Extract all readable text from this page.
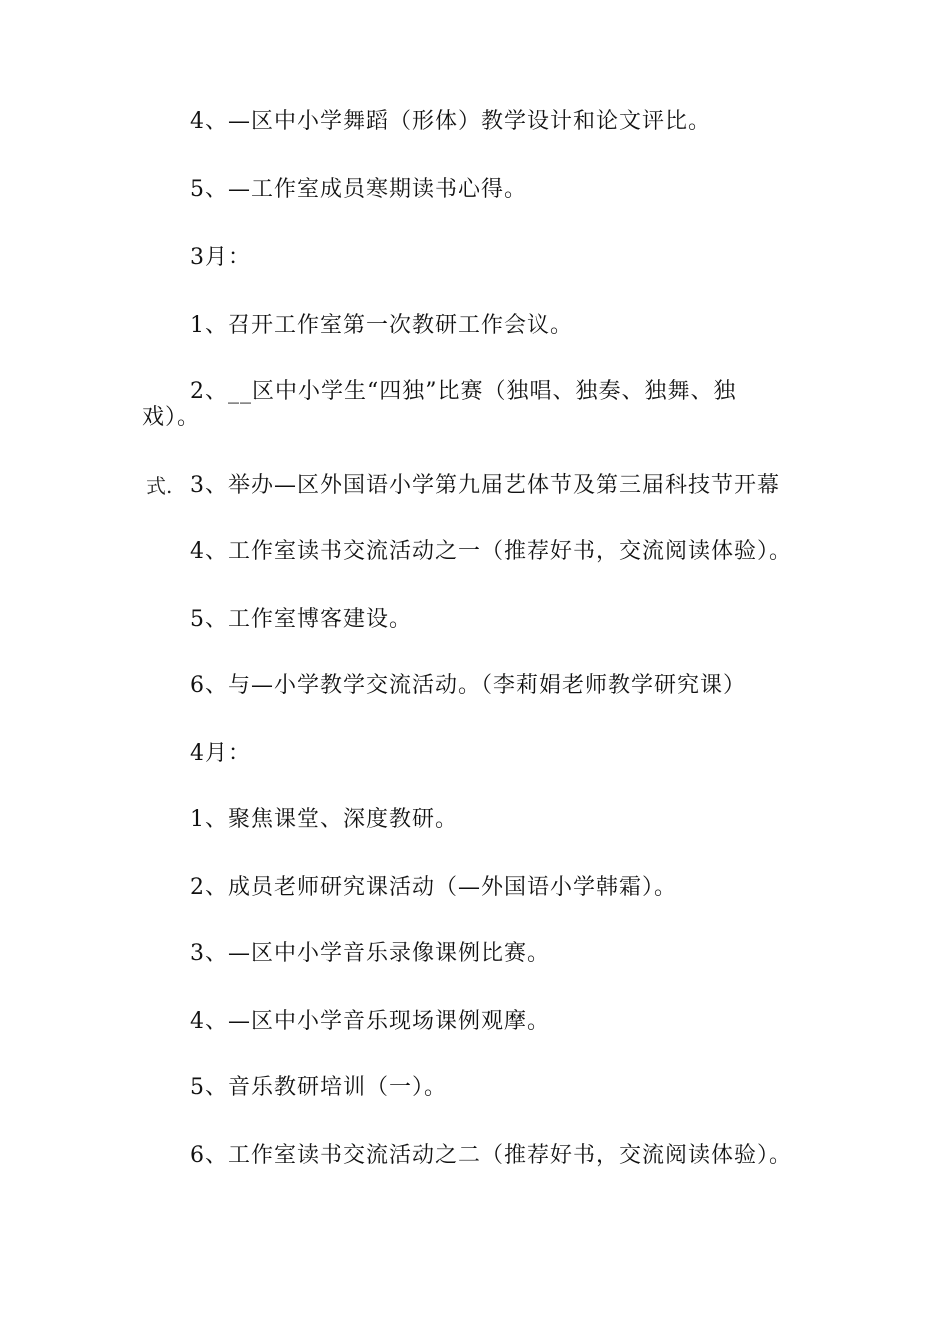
4、—区中小学舞蹈（形体）教学设计和论文评比。
5、—工作室成员寒期读书心得。
3月：
1、召开工作室第一次教研工作会议。
2、__区中小学生“四独”比赛（独唱、独奏、独舞、独
戏）。
式. 3、举办—区外国语小学第九届艺体节及第三届科技节开幕
4、工作室读书交流活动之一（推荐好书，交流阅读体验）。
5、工作室博客建设。
6、与—小学教学交流活动。（李莉娟老师教学研究课）
4月：
1、聚焦课堂、深度教研。
2、成员老师研究课活动（—外国语小学韩霜）。
3、—区中小学音乐录像课例比赛。
4、—区中小学音乐现场课例观摩。
5、音乐教研培训（一）。
6、工作室读书交流活动之二（推荐好书，交流阅读体验）。
